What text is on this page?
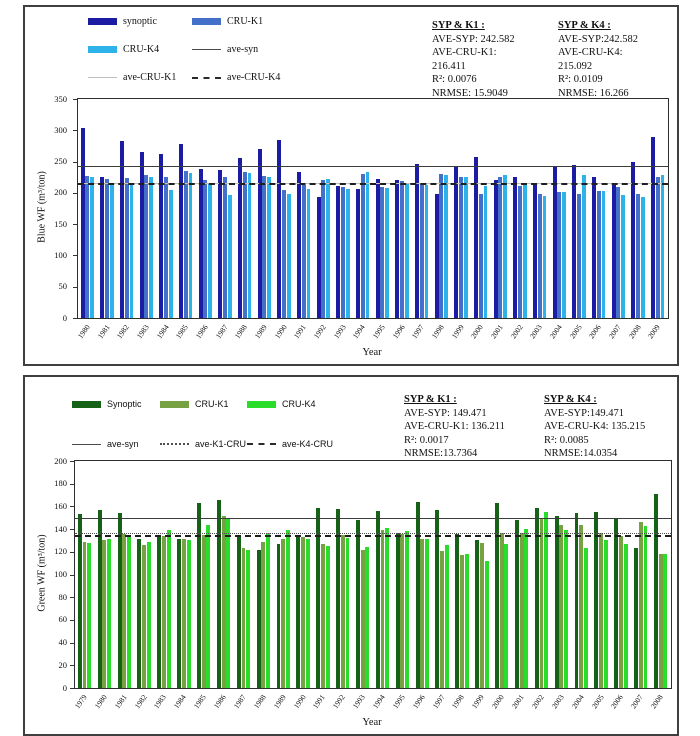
synoptic	CRU-K1
CRU-K4	ave-syn
ave-CRU-K1	ave-CRU-K4
SYP & K1 :
AVE-SYP: 242.582
AVE-CRU-K1:
216.411
R²: 0.0076
NRMSE: 15.9049
SYP & K4 :
AVE-SYP:242.582
AVE-CRU-K4:
215.092
R²: 0.0109
NRMSE: 16.266
Blue WF (m³/ton)
0
50
100
150
200
250
300
350
1980 1981 1982 1983 1984 1985 1986 1987 1988 1989 1990 1991 1992 1993 1994 1995 1996 1997 1998 1999 2000 2001 2002 2003 2004 2005 2006 2007 2008 2009
Year
Synoptic	CRU-K1	CRU-K4
ave-syn	ave-K1-CRU	ave-K4-CRU
SYP & K1 :
AVE-SYP: 149.471
AVE-CRU-K1: 136.211
R²: 0.0017
NRMSE:13.7364
SYP & K4 :
AVE-SYP:149.471
AVE-CRU-K4: 135.215
R²: 0.0085
NRMSE:14.0354
Green WF (m³/ton)
0
20
40
60
80
100
120
140
160
180
200
1979 1980 1981 1982 1983 1984 1985 1986 1987 1988 1989 1990 1991 1992 1993 1994 1995 1996 1997 1998 1999 2000 2001 2002 2003 2004 2005 2006 2007 2008
Year
